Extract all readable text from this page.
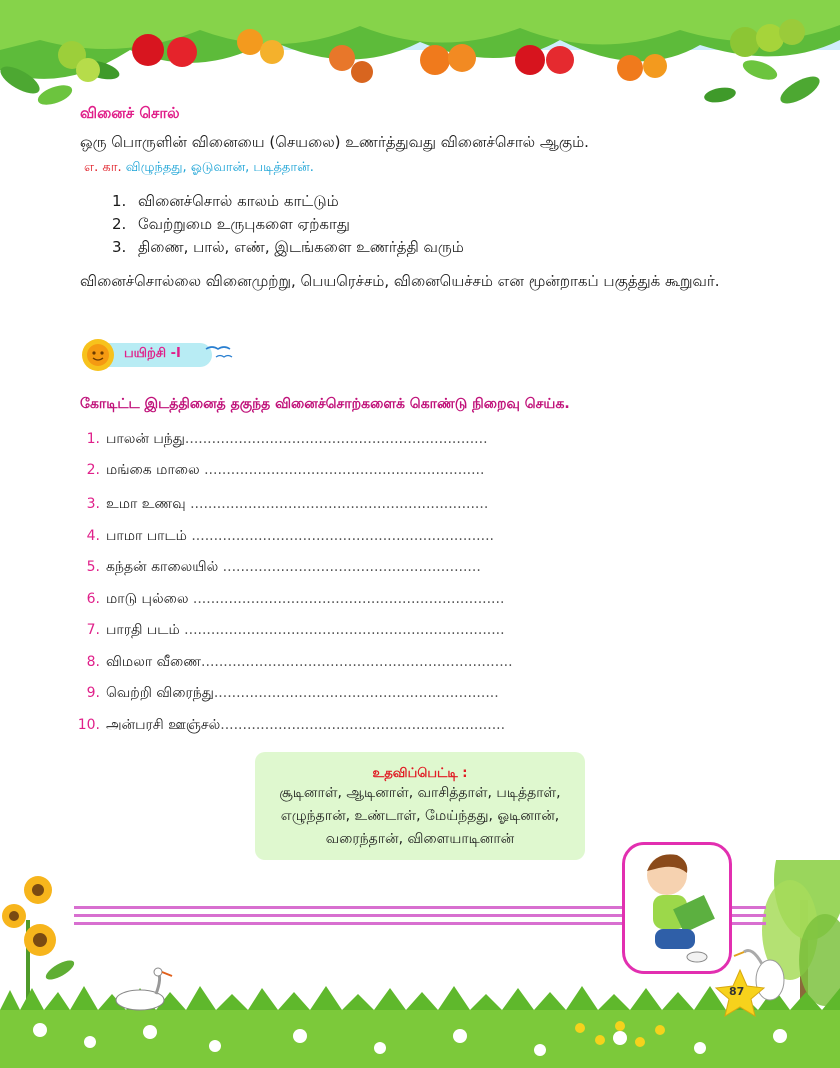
வினைச் சொல்
ஒரு பொருளின் வினையை (செயலை) உணர்த்துவது வினைச்சொல் ஆகும்.
எ. கா. விழுந்தது, ஓடுவான், படித்தான்.
1. வினைச்சொல் காலம் காட்டும்
2. வேற்றுமை உருபுகளை ஏற்காது
3. திணை, பால், எண், இடங்களை உணர்த்தி வரும்
வினைச்சொல்லை வினைமுற்று, பெயரெச்சம், வினையெச்சம் என மூன்றாகப் பகுத்துக் கூறுவர்.
பயிற்சி -I
கோடிட்ட இடத்தினைத் தகுந்த வினைச்சொற்களைக் கொண்டு நிறைவு செய்க.
1. பாலன் பந்து....................................................................
2. மங்கை மாலை ...............................................................
3. உமா உணவு ...................................................................
4. பாமா பாடம் ....................................................................
5. கந்தன் காலையில் ..........................................................
6. மாடு புல்லை ......................................................................
7. பாரதி படம் ........................................................................
8. விமலா வீணை......................................................................
9. வெற்றி விரைந்து................................................................
10. அன்பரசி ஊஞ்சல்................................................................
உதவிப்பெட்டி :
சூடினாள், ஆடினாள், வாசித்தாள், படித்தாள்,
எழுந்தான், உண்டாள், மேய்ந்தது, ஓடினான்,
வரைந்தான், விளையாடினான்
87
